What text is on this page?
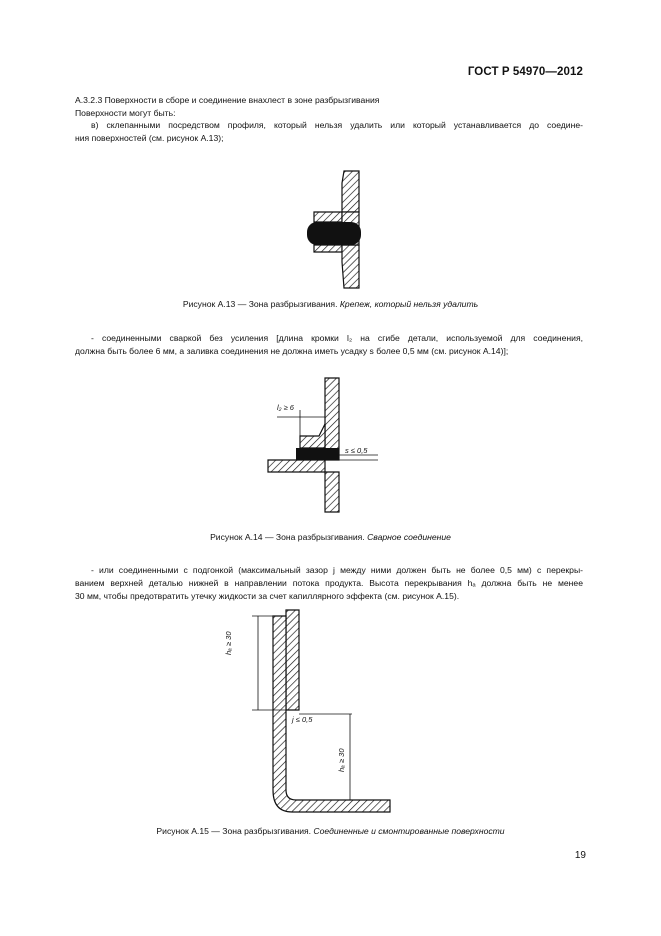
ГОСТ Р 54970—2012

А.3.2.3 Поверхности в сборе и соединение внахлест в зоне разбрызгивания

Поверхности могут быть:

в) склепанными посредством профиля, который нельзя удалить или который устанавливается до соедине-

ния поверхностей (см. рисунок А.13);

Рисунок А.13 — Зона разбрызгивания. Крепеж, который нельзя удалить

- соединенными сваркой без усиления [длина кромки l₂ на сгибе детали, используемой для соединения,

должна быть более 6 мм, а заливка соединения не должна иметь усадку s более 0,5 мм (см. рисунок А.14)];

l₂ ≥ 6
s ≤ 0,5
Рисунок А.14 — Зона разбрызгивания. Сварное соединение

- или соединенными с подгонкой (максимальный зазор j между ними должен быть не более 0,5 мм) с перекры-

ванием верхней деталью нижней в направлении потока продукта. Высота перекрывания hₐ должна быть не менее

30 мм, чтобы предотвратить утечку жидкости за счет капиллярного эффекта (см. рисунок А.15).

hₐ ≥ 30
j ≤ 0,5
hₐ ≥ 30
Рисунок А.15 — Зона разбрызгивания. Соединенные и смонтированные поверхности
19
